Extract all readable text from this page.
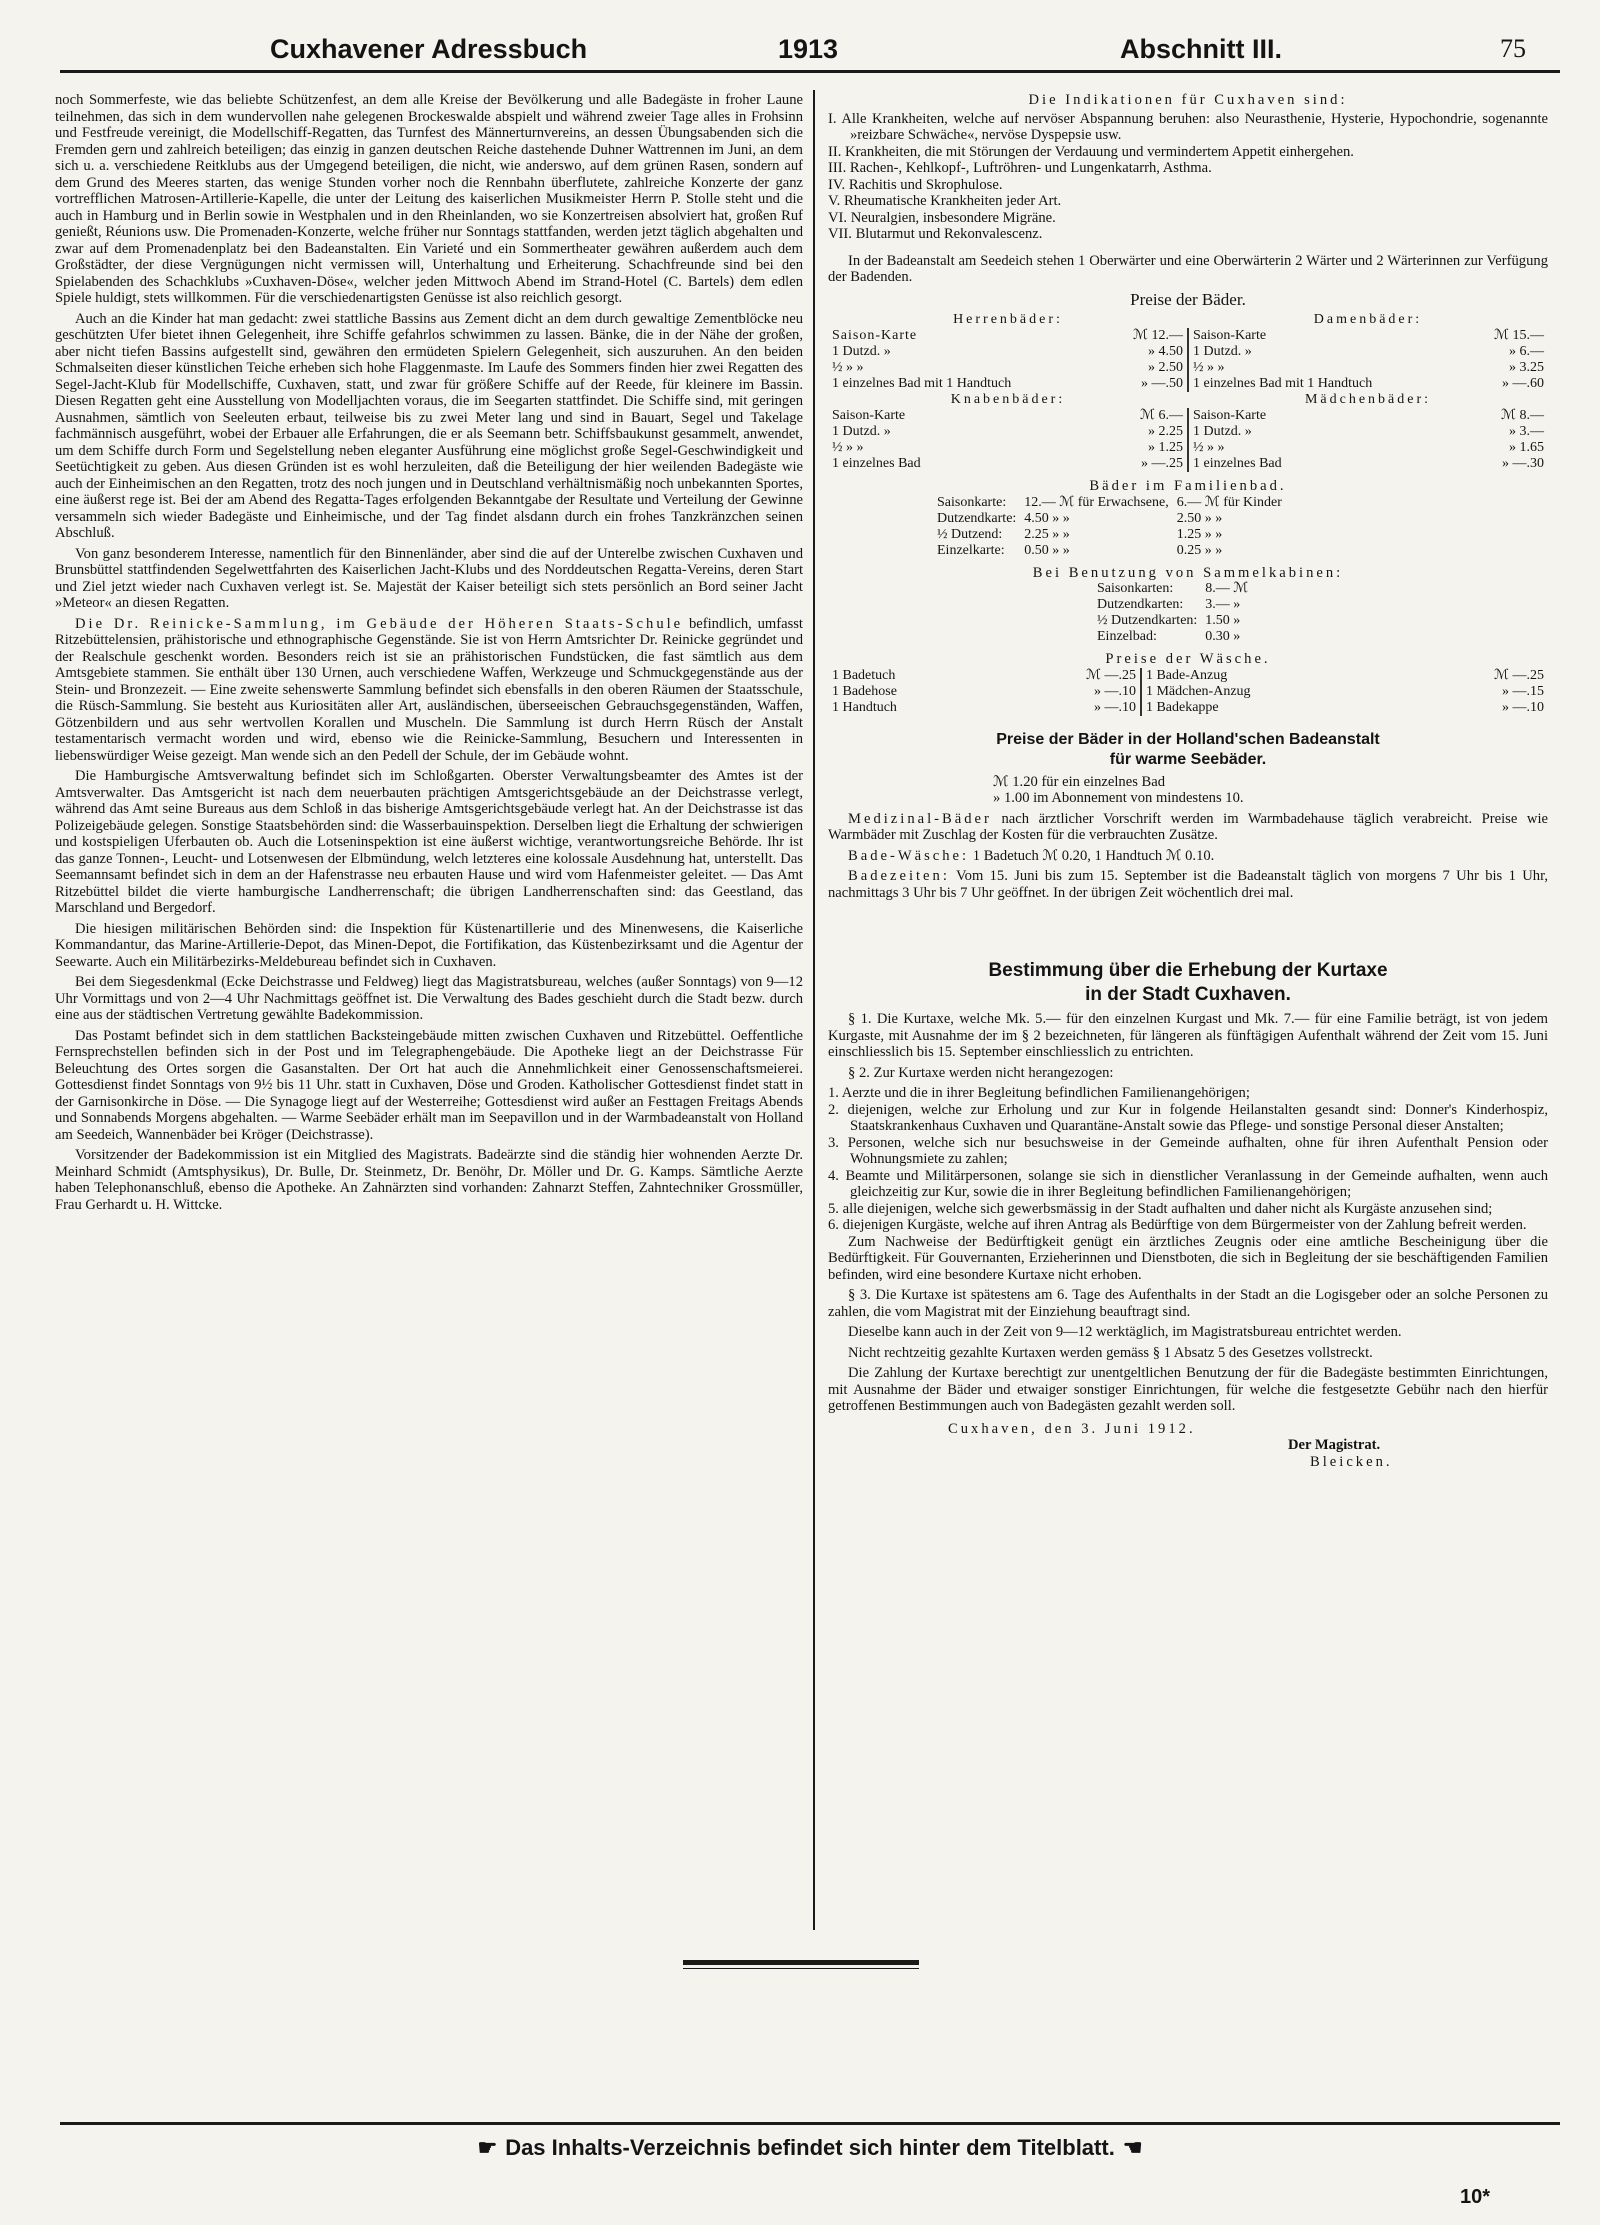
Cuxhavener Adressbuch	1913	Abschnitt III.	75

noch Sommerfeste, wie das beliebte Schützenfest, an dem alle Kreise der Bevölkerung und alle Badegäste in froher Laune teilnehmen, das sich in dem wundervollen nahe gelegenen Brockeswalde abspielt und während zweier Tage alles in Frohsinn und Festfreude vereinigt, die Modellschiff-Regatten, das Turnfest des Männerturnvereins, an dessen Übungsabenden sich die Fremden gern und zahlreich beteiligen; das einzig in ganzen deutschen Reiche dastehende Duhner Wattrennen im Juni, an dem sich u. a. verschiedene Reitklubs aus der Umgegend beteiligen, die nicht, wie anderswo, auf dem grünen Rasen, sondern auf dem Grund des Meeres starten, das wenige Stunden vorher noch die Rennbahn überflutete, zahlreiche Konzerte der ganz vortrefflichen Matrosen-Artillerie-Kapelle, die unter der Leitung des kaiserlichen Musikmeister Herrn P. Stolle steht und die auch in Hamburg und in Berlin sowie in Westphalen und in den Rheinlanden, wo sie Konzertreisen absolviert hat, großen Ruf genießt, Réunions usw. Die Promenaden-Konzerte, welche früher nur Sonntags stattfanden, werden jetzt täglich abgehalten und zwar auf dem Promenadenplatz bei den Badeanstalten. Ein Varieté und ein Sommertheater gewähren außerdem auch dem Großstädter, der diese Vergnügungen nicht vermissen will, Unterhaltung und Erheiterung. Schachfreunde sind bei den Spielabenden des Schachklubs »Cuxhaven-Döse«, welcher jeden Mittwoch Abend im Strand-Hotel (C. Bartels) dem edlen Spiele huldigt, stets willkommen. Für die verschiedenartigsten Genüsse ist also reichlich gesorgt.

Auch an die Kinder hat man gedacht: zwei stattliche Bassins aus Zement dicht an dem durch gewaltige Zementblöcke neu geschützten Ufer bietet ihnen Gelegenheit, ihre Schiffe gefahrlos schwimmen zu lassen. Bänke, die in der Nähe der großen, aber nicht tiefen Bassins aufgestellt sind, gewähren den ermüdeten Spielern Gelegenheit, sich auszuruhen. An den beiden Schmalseiten dieser künstlichen Teiche erheben sich hohe Flaggenmaste. Im Laufe des Sommers finden hier zwei Regatten des Segel-Jacht-Klub für Modellschiffe, Cuxhaven, statt, und zwar für größere Schiffe auf der Reede, für kleinere im Bassin. Diesen Regatten geht eine Ausstellung von Modelljachten voraus, die im Seegarten stattfindet. Die Schiffe sind, mit geringen Ausnahmen, sämtlich von Seeleuten erbaut, teilweise bis zu zwei Meter lang und sind in Bauart, Segel und Takelage fachmännisch ausgeführt, wobei der Erbauer alle Erfahrungen, die er als Seemann betr. Schiffsbaukunst gesammelt, anwendet, um dem Schiffe durch Form und Segelstellung neben eleganter Ausführung eine möglichst große Segel-Geschwindigkeit und Seetüchtigkeit zu geben. Aus diesen Gründen ist es wohl herzuleiten, daß die Beteiligung der hier weilenden Badegäste wie auch der Einheimischen an den Regatten, trotz des noch jungen und in Deutschland verhältnismäßig noch unbekannten Sportes, eine äußerst rege ist. Bei der am Abend des Regatta-Tages erfolgenden Bekanntgabe der Resultate und Verteilung der Gewinne versammeln sich wieder Badegäste und Einheimische, und der Tag findet alsdann durch ein frohes Tanzkränzchen seinen Abschluß.

Von ganz besonderem Interesse, namentlich für den Binnenländer, aber sind die auf der Unterelbe zwischen Cuxhaven und Brunsbüttel stattfindenden Segelwettfahrten des Kaiserlichen Jacht-Klubs und des Norddeutschen Regatta-Vereins, deren Start und Ziel jetzt wieder nach Cuxhaven verlegt ist. Se. Majestät der Kaiser beteiligt sich stets persönlich an Bord seiner Jacht »Meteor« an diesen Regatten.

Die Dr. Reinicke-Sammlung, im Gebäude der Höheren Staats-Schule befindlich, umfasst Ritzebüttelensien, prähistorische und ethnographische Gegenstände. Sie ist von Herrn Amtsrichter Dr. Reinicke gegründet und der Realschule geschenkt worden. Besonders reich ist sie an prähistorischen Fundstücken, die fast sämtlich aus dem Amtsgebiete stammen. Sie enthält über 130 Urnen, auch verschiedene Waffen, Werkzeuge und Schmuckgegenstände aus der Stein- und Bronzezeit. — Eine zweite sehenswerte Sammlung befindet sich ebensfalls in den oberen Räumen der Staatsschule, die Rüsch-Sammlung. Sie besteht aus Kuriositäten aller Art, ausländischen, überseeischen Gebrauchsgegenständen, Waffen, Götzenbildern und aus sehr wertvollen Korallen und Muscheln. Die Sammlung ist durch Herrn Rüsch der Anstalt testamentarisch vermacht worden und wird, ebenso wie die Reinicke-Sammlung, Besuchern und Interessenten in liebenswürdiger Weise gezeigt. Man wende sich an den Pedell der Schule, der im Gebäude wohnt.

Die Hamburgische Amtsverwaltung befindet sich im Schloßgarten. Oberster Verwaltungsbeamter des Amtes ist der Amtsverwalter. Das Amtsgericht ist nach dem neuerbauten prächtigen Amtsgerichtsgebäude an der Deichstrasse verlegt, während das Amt seine Bureaus aus dem Schloß in das bisherige Amtsgerichtsgebäude verlegt hat. An der Deichstrasse ist das Polizeigebäude gelegen. Sonstige Staatsbehörden sind: die Wasserbauinspektion. Derselben liegt die Erhaltung der schwierigen und kostspieligen Uferbauten ob. Auch die Lotseninspektion ist eine äußerst wichtige, verantwortungsreiche Behörde. Ihr ist das ganze Tonnen-, Leucht- und Lotsenwesen der Elbmündung, welch letzteres eine kolossale Ausdehnung hat, unterstellt. Das Seemannsamt befindet sich in dem an der Hafenstrasse neu erbauten Hause und wird vom Hafenmeister geleitet. — Das Amt Ritzebüttel bildet die vierte hamburgische Landherrenschaft; die übrigen Landherrenschaften sind: das Geestland, das Marschland und Bergedorf.

Die hiesigen militärischen Behörden sind: die Inspektion für Küstenartillerie und des Minenwesens, die Kaiserliche Kommandantur, das Marine-Artillerie-Depot, das Minen-Depot, die Fortifikation, das Küstenbezirksamt und die Agentur der Seewarte. Auch ein Militärbezirks-Meldebureau befindet sich in Cuxhaven.

Bei dem Siegesdenkmal (Ecke Deichstrasse und Feldweg) liegt das Magistratsbureau, welches (außer Sonntags) von 9—12 Uhr Vormittags und von 2—4 Uhr Nachmittags geöffnet ist. Die Verwaltung des Bades geschieht durch die Stadt bezw. durch eine aus der städtischen Vertretung gewählte Badekommission.

Das Postamt befindet sich in dem stattlichen Backsteingebäude mitten zwischen Cuxhaven und Ritzebüttel. Oeffentliche Fernsprechstellen befinden sich in der Post und im Telegraphengebäude. Die Apotheke liegt an der Deichstrasse Für Beleuchtung des Ortes sorgen die Gasanstalten. Der Ort hat auch die Annehmlichkeit einer Genossenschaftsmeierei. Gottesdienst findet Sonntags von 9½ bis 11 Uhr. statt in Cuxhaven, Döse und Groden. Katholischer Gottesdienst findet statt in der Garnisonkirche in Döse. — Die Synagoge liegt auf der Westerreihe; Gottesdienst wird außer an Festtagen Freitags Abends und Sonnabends Morgens abgehalten. — Warme Seebäder erhält man im Seepavillon und in der Warmbadeanstalt von Holland am Seedeich, Wannenbäder bei Kröger (Deichstrasse).

Vorsitzender der Badekommission ist ein Mitglied des Magistrats. Badeärzte sind die ständig hier wohnenden Aerzte Dr. Meinhard Schmidt (Amtsphysikus), Dr. Bulle, Dr. Steinmetz, Dr. Benöhr, Dr. Möller und Dr. G. Kamps. Sämtliche Aerzte haben Telephonanschluß, ebenso die Apotheke. An Zahnärzten sind vorhanden: Zahnarzt Steffen, Zahntechniker Grossmüller, Frau Gerhardt u. H. Wittcke.

Die Indikationen für Cuxhaven sind:
I. Alle Krankheiten, welche auf nervöser Abspannung beruhen: also Neurasthenie, Hysterie, Hypochondrie, sogenannte »reizbare Schwäche«, nervöse Dyspepsie usw.
II. Krankheiten, die mit Störungen der Verdauung und vermindertem Appetit einhergehen.
III. Rachen-, Kehlkopf-, Luftröhren- und Lungenkatarrh, Asthma.
IV. Rachitis und Skrophulose.
V. Rheumatische Krankheiten jeder Art.
VI. Neuralgien, insbesondere Migräne.
VII. Blutarmut und Rekonvalescenz.

In der Badeanstalt am Seedeich stehen 1 Oberwärter und eine Oberwärterin 2 Wärter und 2 Wärterinnen zur Verfügung der Badenden.

Preise der Bäder.
Herrenbäder:		Damenbäder:	
Saison-Karte	ℳ 12.—	Saison-Karte	ℳ 15.—
1 Dutzd. »	» 4.50	1 Dutzd. »	» 6.—
½ » »	» 2.50	½ » »	» 3.25
1 einzelnes Bad mit 1 Handtuch	» —.50	1 einzelnes Bad mit 1 Handtuch	» —.60
Knabenbäder:		Mädchenbäder:	
Saison-Karte	ℳ 6.—	Saison-Karte	ℳ 8.—
1 Dutzd. »	» 2.25	1 Dutzd. »	» 3.—
½ » »	» 1.25	½ » »	» 1.65
1 einzelnes Bad	» —.25	1 einzelnes Bad	» —.30
Bäder im Familienbad.
Saisonkarte:	12.— ℳ für Erwachsene,	6.— ℳ für Kinder
Dutzendkarte:	4.50 » »	2.50 » »
½ Dutzend:	2.25 » »	1.25 » »
Einzelkarte:	0.50 » »	0.25 » »
Bei Benutzung von Sammelkabinen:
Saisonkarten:	8.— ℳ
Dutzendkarten:	3.— »
½ Dutzendkarten:	1.50 »
Einzelbad:	0.30 »
Preise der Wäsche.
1 Badetuch	ℳ —.25	1 Bade-Anzug	ℳ —.25
1 Badehose	» —.10	1 Mädchen-Anzug	» —.15
1 Handtuch	» —.10	1 Badekappe	» —.10
Preise der Bäder in der Holland'schen Badeanstalt
für warme Seebäder.
ℳ 1.20 für ein einzelnes Bad
» 1.00 im Abonnement von mindestens 10.

Medizinal-Bäder nach ärztlicher Vorschrift werden im Warmbadehause täglich verabreicht. Preise wie Warmbäder mit Zuschlag der Kosten für die verbrauchten Zusätze.

Bade-Wäsche: 1 Badetuch ℳ 0.20, 1 Handtuch ℳ 0.10.

Badezeiten: Vom 15. Juni bis zum 15. September ist die Badeanstalt täglich von morgens 7 Uhr bis 1 Uhr, nachmittags 3 Uhr bis 7 Uhr geöffnet. In der übrigen Zeit wöchentlich drei mal.

Bestimmung über die Erhebung der Kurtaxe
in der Stadt Cuxhaven.

§ 1. Die Kurtaxe, welche Mk. 5.— für den einzelnen Kurgast und Mk. 7.— für eine Familie beträgt, ist von jedem Kurgaste, mit Ausnahme der im § 2 bezeichneten, für längeren als fünftägigen Aufenthalt während der Zeit vom 15. Juni einschliesslich bis 15. September einschliesslich zu entrichten.

§ 2. Zur Kurtaxe werden nicht herangezogen:

1. Aerzte und die in ihrer Begleitung befindlichen Familienangehörigen;
2. diejenigen, welche zur Erholung und zur Kur in folgende Heilanstalten gesandt sind: Donner's Kinderhospiz, Staatskrankenhaus Cuxhaven und Quarantäne-Anstalt sowie das Pflege- und sonstige Personal dieser Anstalten;
3. Personen, welche sich nur besuchsweise in der Gemeinde aufhalten, ohne für ihren Aufenthalt Pension oder Wohnungsmiete zu zahlen;
4. Beamte und Militärpersonen, solange sie sich in dienstlicher Veranlassung in der Gemeinde aufhalten, wenn auch gleichzeitig zur Kur, sowie die in ihrer Begleitung befindlichen Familienangehörigen;
5. alle diejenigen, welche sich gewerbsmässig in der Stadt aufhalten und daher nicht als Kurgäste anzusehen sind;
6. diejenigen Kurgäste, welche auf ihren Antrag als Bedürftige von dem Bürgermeister von der Zahlung befreit werden.

Zum Nachweise der Bedürftigkeit genügt ein ärztliches Zeugnis oder eine amtliche Bescheinigung über die Bedürftigkeit. Für Gouvernanten, Erzieherinnen und Dienstboten, die sich in Begleitung der sie beschäftigenden Familien befinden, wird eine besondere Kurtaxe nicht erhoben.

§ 3. Die Kurtaxe ist spätestens am 6. Tage des Aufenthalts in der Stadt an die Logisgeber oder an solche Personen zu zahlen, die vom Magistrat mit der Einziehung beauftragt sind.

Dieselbe kann auch in der Zeit von 9—12 werktäglich, im Magistratsbureau entrichtet werden.

Nicht rechtzeitig gezahlte Kurtaxen werden gemäss § 1 Absatz 5 des Gesetzes vollstreckt.

Die Zahlung der Kurtaxe berechtigt zur unentgeltlichen Benutzung der für die Badegäste bestimmten Einrichtungen, mit Ausnahme der Bäder und etwaiger sonstiger Einrichtungen, für welche die festgesetzte Gebühr nach den hierfür getroffenen Bestimmungen auch von Badegästen gezahlt werden soll.

Cuxhaven, den 3. Juni 1912.
Der Magistrat.
Bleicken.
☛ Das Inhalts-Verzeichnis befindet sich hinter dem Titelblatt. ☚
10*
